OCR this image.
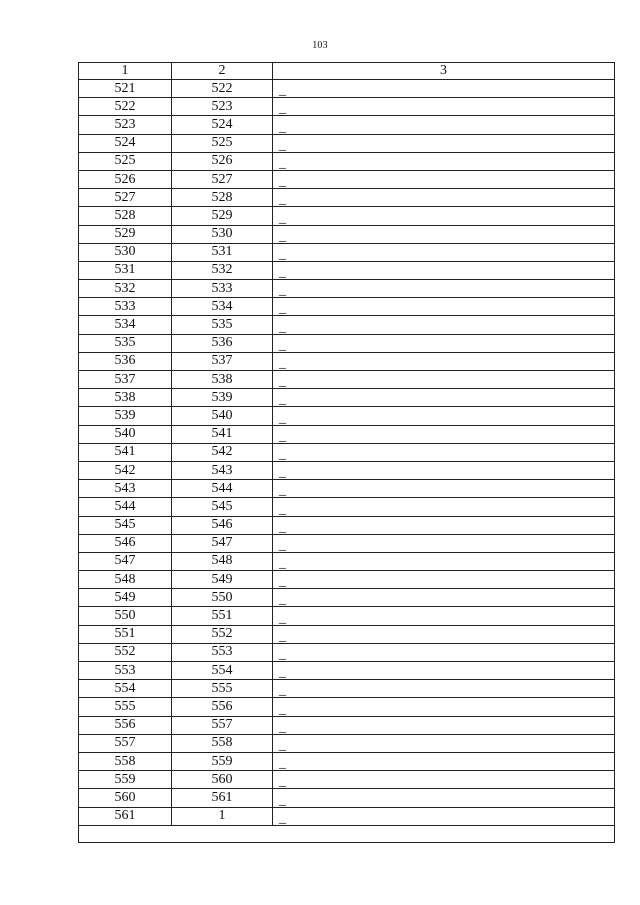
103
1	2	3
521	522	_
522	523	_
523	524	_
524	525	_
525	526	_
526	527	_
527	528	_
528	529	_
529	530	_
530	531	_
531	532	_
532	533	_
533	534	_
534	535	_
535	536	_
536	537	_
537	538	_
538	539	_
539	540	_
540	541	_
541	542	_
542	543	_
543	544	_
544	545	_
545	546	_
546	547	_
547	548	_
548	549	_
549	550	_
550	551	_
551	552	_
552	553	_
553	554	_
554	555	_
555	556	_
556	557	_
557	558	_
558	559	_
559	560	_
560	561	_
561	1	_
